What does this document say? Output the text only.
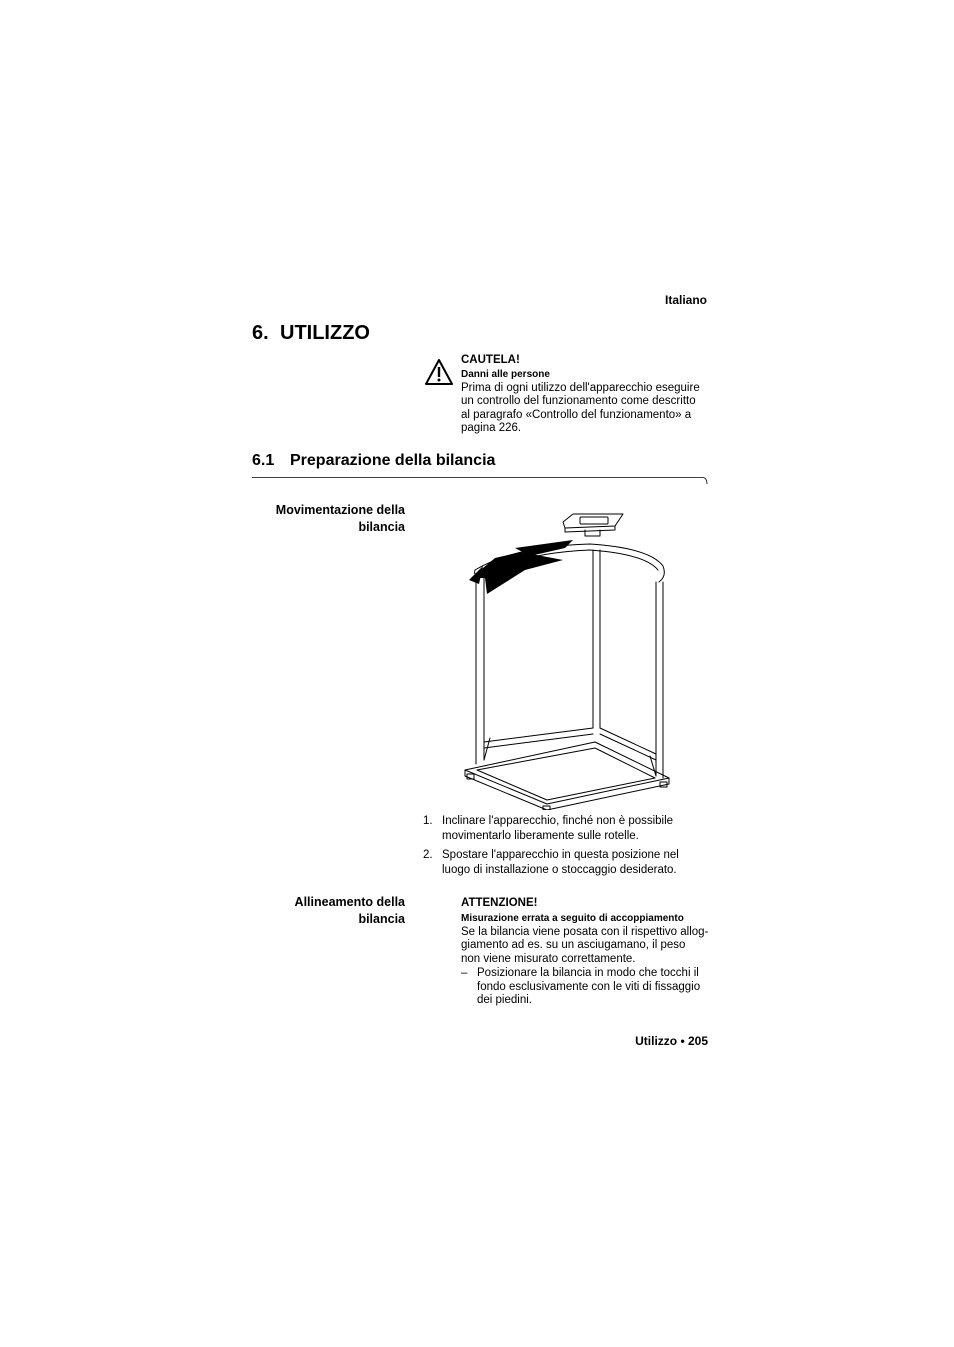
Italiano
6. UTILIZZO
CAUTELA!
Danni alle persone
Prima di ogni utilizzo dell'apparecchio eseguire
un controllo del funzionamento come descritto
al paragrafo «Controllo del funzionamento» a
pagina 226.
6.1 Preparazione della bilancia
Movimentazione della
bilancia
1. Inclinare l'apparecchio, finché non è possibile
movimentarlo liberamente sulle rotelle.
2. Spostare l'apparecchio in questa posizione nel
luogo di installazione o stoccaggio desiderato.
Allineamento della
bilancia
ATTENZIONE!
Misurazione errata a seguito di accoppiamento
Se la bilancia viene posata con il rispettivo allog-
giamento ad es. su un asciugamano, il peso
non viene misurato correttamente.
– Posizionare la bilancia in modo che tocchi il
fondo esclusivamente con le viti di fissaggio
dei piedini.
Utilizzo • 205
